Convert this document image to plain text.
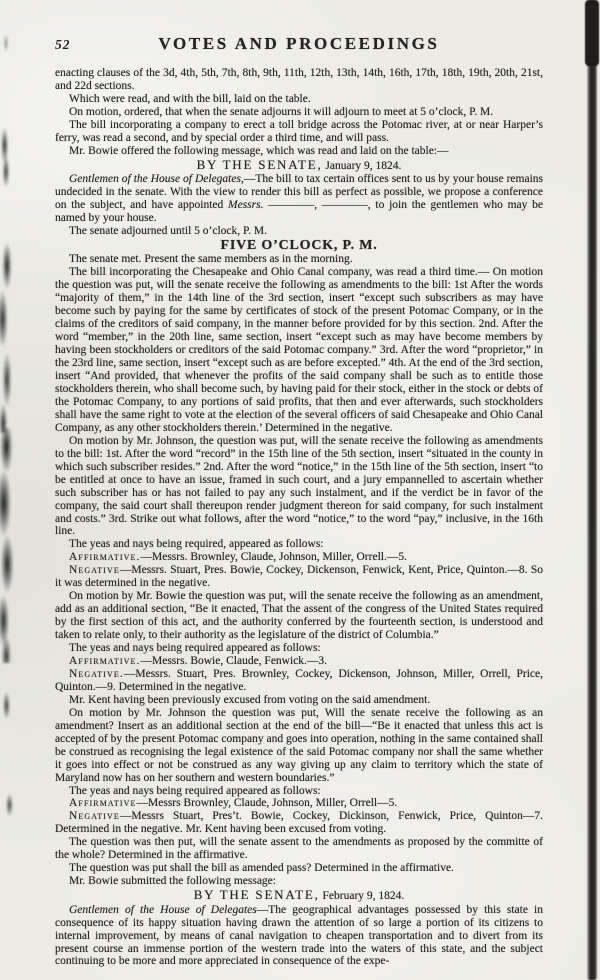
52	VOTES AND PROCEEDINGS

enacting clauses of the 3d, 4th, 5th, 7th, 8th, 9th, 11th, 12th, 13th, 14th, 16th, 17th, 18th, 19th, 20th, 21st, and 22d sections.

Which were read, and with the bill, laid on the table.

On motion, ordered, that when the senate adjourns it will adjourn to meet at 5 o’clock, P. M.

The bill incorporating a company to erect a toll bridge across the Potomac river, at or near Harper’s ferry, was read a second, and by special order a third time, and will pass.

Mr. Bowie offered the following message, which was read and laid on the table:—

BY THE SENATE, January 9, 1824.

Gentlemen of the House of Delegates,—The bill to tax certain offices sent to us by your house remains undecided in the senate. With the view to render this bill as perfect as possible, we propose a conference on the subject, and have appointed Messrs. ————, ————, to join the gentlemen who may be named by your house.

The senate adjourned until 5 o’clock, P. M.

FIVE O’CLOCK, P. M.

The senate met. Present the same members as in the morning.

The bill incorporating the Chesapeake and Ohio Canal company, was read a third time.— On motion the question was put, will the senate receive the following as amendments to the bill: 1st After the words “majority of them,” in the 14th line of the 3rd section, insert “except such subscribers as may have become such by paying for the same by certificates of stock of the present Potomac Company, or in the claims of the creditors of said company, in the manner before provided for by this section. 2nd. After the word “member,” in the 20th line, same section, insert “except such as may have become members by having been stockholders or creditors of the said Potomac company.” 3rd. After the word “proprietor,” in the 23rd line, same section, insert “except such as are before excepted.” 4th. At the end of the 3rd section, insert “And provided, that whenever the profits of the said company shall be such as to entitle those stockholders therein, who shall become such, by having paid for their stock, either in the stock or debts of the Potomac Company, to any portions of said profits, that then and ever afterwards, such stockholders shall have the same right to vote at the election of the several officers of said Chesapeake and Ohio Canal Company, as any other stockholders therein.’ Determined in the negative.

On motion by Mr. Johnson, the question was put, will the senate receive the following as amendments to the bill: 1st. After the word “record” in the 15th line of the 5th section, insert “situated in the county in which such subscriber resides.” 2nd. After the word “notice,” in the 15th line of the 5th section, insert “to be entitled at once to have an issue, framed in such court, and a jury empannelled to ascertain whether such subscriber has or has not failed to pay any such instalment, and if the verdict be in favor of the company, the said court shall thereupon render judgment thereon for said company, for such instalment and costs.” 3rd. Strike out what follows, after the word “notice,” to the word “pay,” inclusive, in the 16th line.

The yeas and nays being required, appeared as follows:

Affirmative.—Messrs. Brownley, Claude, Johnson, Miller, Orrell.—5.

Negative—Messrs. Stuart, Pres. Bowie, Cockey, Dickenson, Fenwick, Kent, Price, Quinton.—8. So it was determined in the negative.

On motion by Mr. Bowie the question was put, will the senate receive the following as an amendment, add as an additional section, “Be it enacted, That the assent of the congress of the United States required by the first section of this act, and the authority conferred by the fourteenth section, is understood and taken to relate only, to their authority as the legislature of the district of Columbia.”

The yeas and nays being required appeared as follows:

Affirmative.—Messrs. Bowie, Claude, Fenwick.—3.

Negative.—Messrs. Stuart, Pres. Brownley, Cockey, Dickenson, Johnson, Miller, Orrell, Price, Quinton.—9. Determined in the negative.

Mr. Kent having been previously excused from voting on the said amendment.

On motion by Mr. Johnson the question was put, Will the senate receive the following as an amendment? Insert as an additional section at the end of the bill—“Be it enacted that unless this act is accepted of by the present Potomac company and goes into operation, nothing in the same contained shall be construed as recognising the legal existence of the said Potomac company nor shall the same whether it goes into effect or not be construed as any way giving up any claim to territory which the state of Maryland now has on her southern and western boundaries.”

The yeas and nays being required appeared as follows:

Affirmative—Messrs Brownley, Claude, Johnson, Miller, Orrell—5.

Negative—Messrs Stuart, Pres’t. Bowie, Cockey, Dickinson, Fenwick, Price, Quinton—7. Determined in the negative. Mr. Kent having been excused from voting.

The question was then put, will the senate assent to the amendments as proposed by the committe of the whole? Determined in the affirmative.

The question was put shall the bill as amended pass? Determined in the affirmative.

Mr. Bowie submitted the following message:

BY THE SENATE, February 9, 1824.

Gentlemen of the House of Delegates—The geographical advantages possessed by this state in consequence of its happy situation having drawn the attention of so large a portion of its citizens to internal improvement, by means of canal navigation to cheapen transportation and to divert from its present course an immense portion of the western trade into the waters of this state, and the subject continuing to be more and more appreciated in consequence of the expe-
